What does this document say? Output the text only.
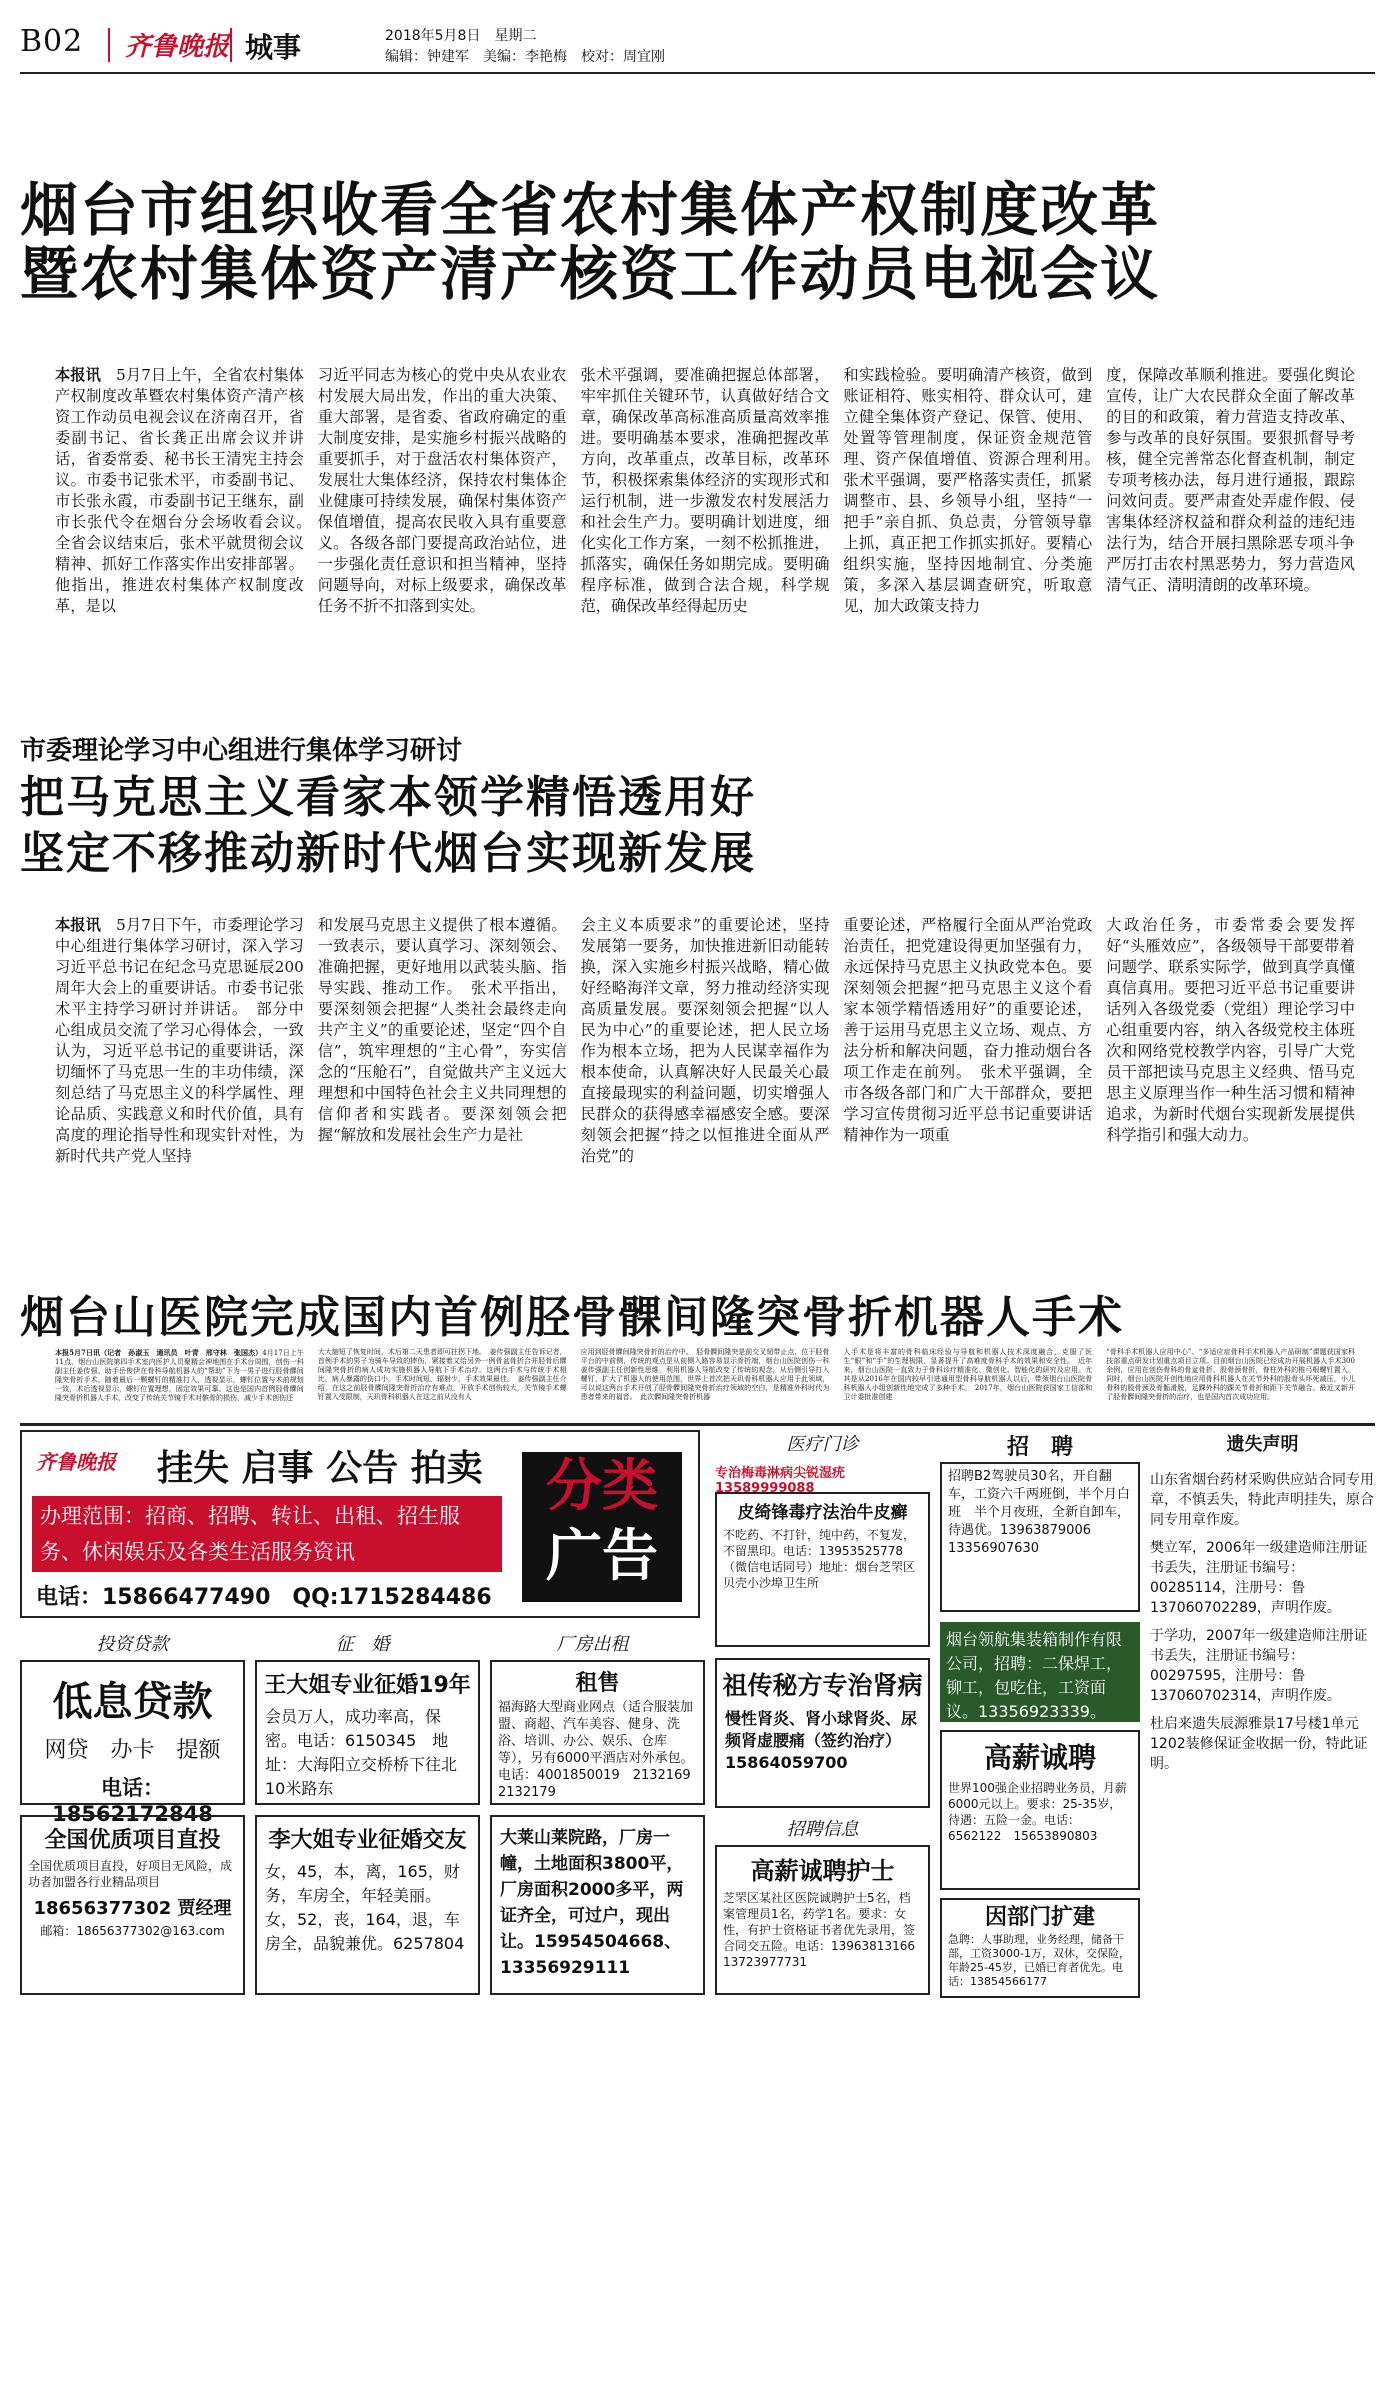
B02 齐鲁晚报 城事	2018年5月8日　星期二
编辑：钟建军　美编：李艳梅　校对：周宜刚
烟台市组织收看全省农村集体产权制度改革
暨农村集体资产清产核资工作动员电视会议
本报讯　 5月7日上午，全省农村集体产权制度改革暨农村集体资产清产核资工作动员电视会议在济南召开，省委副书记、省长龚正出席会议并讲话，省委常委、秘书长王清宪主持会议。市委书记张术平，市委副书记、市长张永霞，市委副书记王继东，副市长张代令在烟台分会场收看会议。　全省会议结束后，张术平就贯彻会议精神、抓好工作落实作出安排部署。他指出，推进农村集体产权制度改革，是以
习近平同志为核心的党中央从农业农村发展大局出发，作出的重大决策、重大部署，是省委、省政府确定的重大制度安排，是实施乡村振兴战略的重要抓手，对于盘活农村集体资产，发展壮大集体经济，保持农村集体企业健康可持续发展，确保村集体资产保值增值，提高农民收入具有重要意义。各级各部门要提高政治站位，进一步强化责任意识和担当精神，坚持问题导向，对标上级要求，确保改革任务不折不扣落到实处。
张术平强调，要准确把握总体部署，牢牢抓住关键环节，认真做好结合文章，确保改革高标准高质量高效率推进。要明确基本要求，准确把握改革方向，改革重点，改革目标，改革环节，积极探索集体经济的实现形式和运行机制，进一步激发农村发展活力和社会生产力。要明确计划进度，细化实化工作方案，一刻不松抓推进，抓落实，确保任务如期完成。要明确程序标准，做到合法合规，科学规范，确保改革经得起历史
和实践检验。要明确清产核资，做到账证相符、账实相符、群众认可，建立健全集体资产登记、保管、使用、处置等管理制度，保证资金规范管理、资产保值增值、资源合理利用。　张术平强调，要严格落实责任，抓紧调整市、县、乡领导小组，坚持“一把手”亲自抓、负总责，分管领导靠上抓，真正把工作抓实抓好。要精心组织实施，坚持因地制宜、分类施策，多深入基层调查研究，听取意见，加大政策支持力
度，保障改革顺利推进。要强化舆论宣传，让广大农民群众全面了解改革的目的和政策，着力营造支持改革、参与改革的良好氛围。要狠抓督导考核，健全完善常态化督查机制，制定专项考核办法，每月进行通报，跟踪问效问责。要严肃查处弄虚作假、侵害集体经济权益和群众利益的违纪违法行为，结合开展扫黑除恶专项斗争严厉打击农村黑恶势力，努力营造风清气正、清明清朗的改革环境。
市委理论学习中心组进行集体学习研讨
把马克思主义看家本领学精悟透用好
坚定不移推动新时代烟台实现新发展
本报讯　 5月7日下午，市委理论学习中心组进行集体学习研讨，深入学习习近平总书记在纪念马克思诞辰200周年大会上的重要讲话。市委书记张术平主持学习研讨并讲话。　部分中心组成员交流了学习心得体会，一致认为，习近平总书记的重要讲话，深切缅怀了马克思一生的丰功伟绩，深刻总结了马克思主义的科学属性、理论品质、实践意义和时代价值，具有高度的理论指导性和现实针对性，为新时代共产党人坚持
和发展马克思主义提供了根本遵循。一致表示，要认真学习、深刻领会、准确把握，更好地用以武装头脑、指导实践、推动工作。　张术平指出，要深刻领会把握“人类社会最终走向共产主义”的重要论述，坚定“四个自信”，筑牢理想的“主心骨”，夯实信念的“压舱石”，自觉做共产主义远大理想和中国特色社会主义共同理想的信仰者和实践者。要深刻领会把握“解放和发展社会生产力是社
会主义本质要求”的重要论述，坚持发展第一要务，加快推进新旧动能转换，深入实施乡村振兴战略，精心做好经略海洋文章，努力推动经济实现高质量发展。要深刻领会把握“以人民为中心”的重要论述，把人民立场作为根本立场，把为人民谋幸福作为根本使命，认真解决好人民最关心最直接最现实的利益问题，切实增强人民群众的获得感幸福感安全感。要深刻领会把握“持之以恒推进全面从严治党”的
重要论述，严格履行全面从严治党政治责任，把党建设得更加坚强有力，永远保持马克思主义执政党本色。要深刻领会把握“把马克思主义这个看家本领学精悟透用好”的重要论述，善于运用马克思主义立场、观点、方法分析和解决问题，奋力推动烟台各项工作走在前列。　张术平强调，全市各级各部门和广大干部群众，要把学习宣传贯彻习近平总书记重要讲话精神作为一项重
大政治任务，市委常委会要发挥好“头雁效应”，各级领导干部要带着问题学、联系实际学，做到真学真懂真信真用。要把习近平总书记重要讲话列入各级党委（党组）理论学习中心组重要内容，纳入各级党校主体班次和网络党校教学内容，引导广大党员干部把读马克思主义经典、悟马克思主义原理当作一种生活习惯和精神追求，为新时代烟台实现新发展提供科学指引和强大动力。
烟台山医院完成国内首例胫骨髁间隆突骨折机器人手术
齐鲁晚报 挂失 启事 公告 拍卖
办理范围：招商、招聘、转让、出租、招生服务、休闲娱乐及各类生活服务资讯
电话：15866477490　QQ:1715284486
分类
广告
投资贷款	征　婚	厂房出租
低息贷款
网贷　办卡　提额
电话：18562172848
全国优质项目直投
全国优质项目直投，好项目无风险，成功者加盟各行业精品项目
18656377302 贾经理
邮箱：18656377302@163.com
王大姐专业征婚19年
会员万人，成功率高，保密。电话：6150345　地址：大海阳立交桥桥下往北10米路东
李大姐专业征婚交友
女，45，本，离，165，财务，车房全，年轻美丽。女，52，丧，164，退，车房全，品貌兼优。6257804
租售
福海路大型商业网点（适合服装加盟、商超、汽车美容、健身、洗浴、培训、办公、娱乐、仓库等），另有6000平酒店对外承包。电话：4001850019　2132169　2132179
大莱山莱院路，厂房一幢，土地面积3800平，厂房面积2000多平，两证齐全，可过户，现出让。15954504668、13356929111
医疗门诊
专治梅毒淋病尖锐湿疣13589999088
皮绮锋毒疗法治牛皮癣
不吃药、不打针，纯中药，不复发，不留黑印。电话：13953525778（微信电话同号）地址：烟台芝罘区贝壳小沙埠卫生所
祖传秘方专治肾病
慢性肾炎、肾小球肾炎、尿频肾虚腰痛（签约治疗）15864059700
招聘信息
高薪诚聘护士
芝罘区某社区医院诚聘护士5名，档案管理员1名，药学1名。要求：女性，有护士资格证书者优先录用，签合同交五险。电话：13963813166　13723977731
招　聘
招聘B2驾驶员30名，开自翻车，工资六千两班倒，半个月白班　半个月夜班，全新自卸车，待遇优。13963879006　13356907630
烟台领航集装箱制作有限公司，招聘：二保焊工，铆工，包吃住，工资面议。13356923339。
高薪诚聘
世界100强企业招聘业务员，月薪6000元以上。要求：25-35岁，待遇：五险一金。电话：6562122　15653890803
因部门扩建
急聘：人事助理，业务经理，储备干部，工资3000-1万，双休，交保险，年龄25-45岁，已婚已育者优先。电话：13854566177
遗失声明
山东省烟台药材采购供应站合同专用章，不慎丢失，特此声明挂失，原合同专用章作废。
樊立军，2006年一级建造师注册证书丢失，注册证书编号：00285114，注册号：鲁137060702289，声明作废。
于学功，2007年一级建造师注册证书丢失，注册证书编号：00297595，注册号：鲁137060702314，声明作废。
杜启来遗失辰源雅景17号楼1单元1202装修保证金收据一份，特此证明。
本报5月7日讯（记者　孙淑玉　通讯员　叶青　邢守林　张国杰）4月17日上午11点，烟台山医院第四手术室内医护人员聚精会神地围在手术台周围，创伤一科副主任姜传强、助手岳俊伊在骨科导航机器人的“帮助”下为一男子进行胫骨髁间隆突骨折手术。随着最后一颗螺钉的精准打入，透视显示，螺钉位置与术前规划一致，术后透视显示，螺钉位置理想，固定效果可靠。这也是国内首例胫骨髁间隆突骨折机器人手术，改变了传统关节镜手术对髌骨的损伤，减少手术创伤还
大大缩短了恢复时间，术后第二天患者即可拄拐下地。　姜传强副主任告诉记者，首例手术的男子为骑车导致的摔伤，紧接着又给另外一例骨盆骨折合并胫骨后髁间隆突骨折的病人成功实施机器人导航下手术治疗。这两台手术与传统手术相比，病人暴露的伤口小，手术时间短，辐射少，手术效果最佳。　姜传强副主任介绍，在这之前胫骨髁间隆突骨折治疗有难点，开放手术创伤较大，关节镜手术螺钉置入受限制，天玑骨科机器人在这之前从没有人
应用到胫骨髁间隆突骨折的治疗中。　胫骨髁间隆突是前交叉韧带止点，位于胫骨平台的中前侧，传统的观点是从前侧入路容易显示骨折端，烟台山医院创伤一科姜传强副主任创新性思维，利用机器人导航改变了传统的观念，从后侧引导打入螺钉，扩大了机器人的使用范围，世界上首次把天玑骨科机器人应用于此领域，可以说这两台手术开创了胫骨髁间隆突骨折治疗领域的空白，是精准外科时代为患者带来的福音。　此次髁间隆突骨折机器
人手术是将丰富的骨科临床经验与导航和机器人技术深度融合，克服了医生“眼”和“手”的生理极限，显著提升了高难度骨科手术的效果和安全性。　近年来，烟台山医院一直致力于骨科诊疗精准化、微创化、智能化的研究及应用。尤其是从2016年在国内较早引进通用型骨科导航机器人以后，带领烟台山医院骨科机器人小组创新性地完成了多种手术。　2017年，烟台山医院获国家工信部和卫计委批准创建
“骨科手术机器人应用中心”、“多适应症骨科手术机器人产品研制”课题获国家科技部重点研发计划重点项目立项。目前烟台山医院已经成功开展机器人手术300余例，应用在创伤骨科的骨盆骨折、股骨颈骨折，脊柱外科的椎弓根螺钉置入。同时，烟台山医院开创性地应用骨科机器人在关节外科的股骨头坏死减压，小儿骨科的股骨颈及骨骺滑脱，足踝外科的踝关节骨折和距下关节融合。最近又新开了胫骨髁间隆突骨折的治疗，也是国内首次成功应用。
